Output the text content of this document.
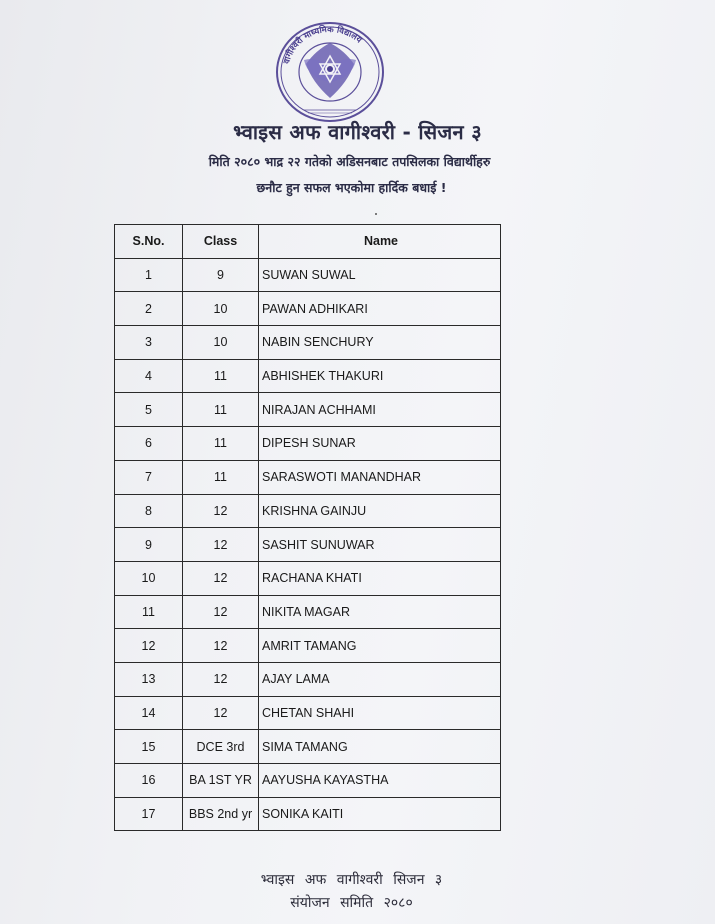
वागीश्वरी माध्यमिक विद्यालय
भ्वाइस अफ वागीश्वरी - सिजन ३
मिति २०८० भाद्र २२ गतेको अडिसनबाट तपसिलका विद्यार्थीहरु
छनौट हुन सफल भएकोमा हार्दिक बधाई !
S.No.	Class	Name
1	9	SUWAN SUWAL
2	10	PAWAN ADHIKARI
3	10	NABIN SENCHURY
4	11	ABHISHEK THAKURI
5	11	NIRAJAN ACHHAMI
6	11	DIPESH SUNAR
7	11	SARASWOTI MANANDHAR
8	12	KRISHNA GAINJU
9	12	SASHIT SUNUWAR
10	12	RACHANA KHATI
11	12	NIKITA MAGAR
12	12	AMRIT TAMANG
13	12	AJAY LAMA
14	12	CHETAN SHAHI
15	DCE 3rd	SIMA TAMANG
16	BA 1ST YR	AAYUSHA KAYASTHA
17	BBS 2nd yr	SONIKA KAITI
भ्वाइस अफ वागीश्वरी सिजन ३
संयोजन समिति २०८०
